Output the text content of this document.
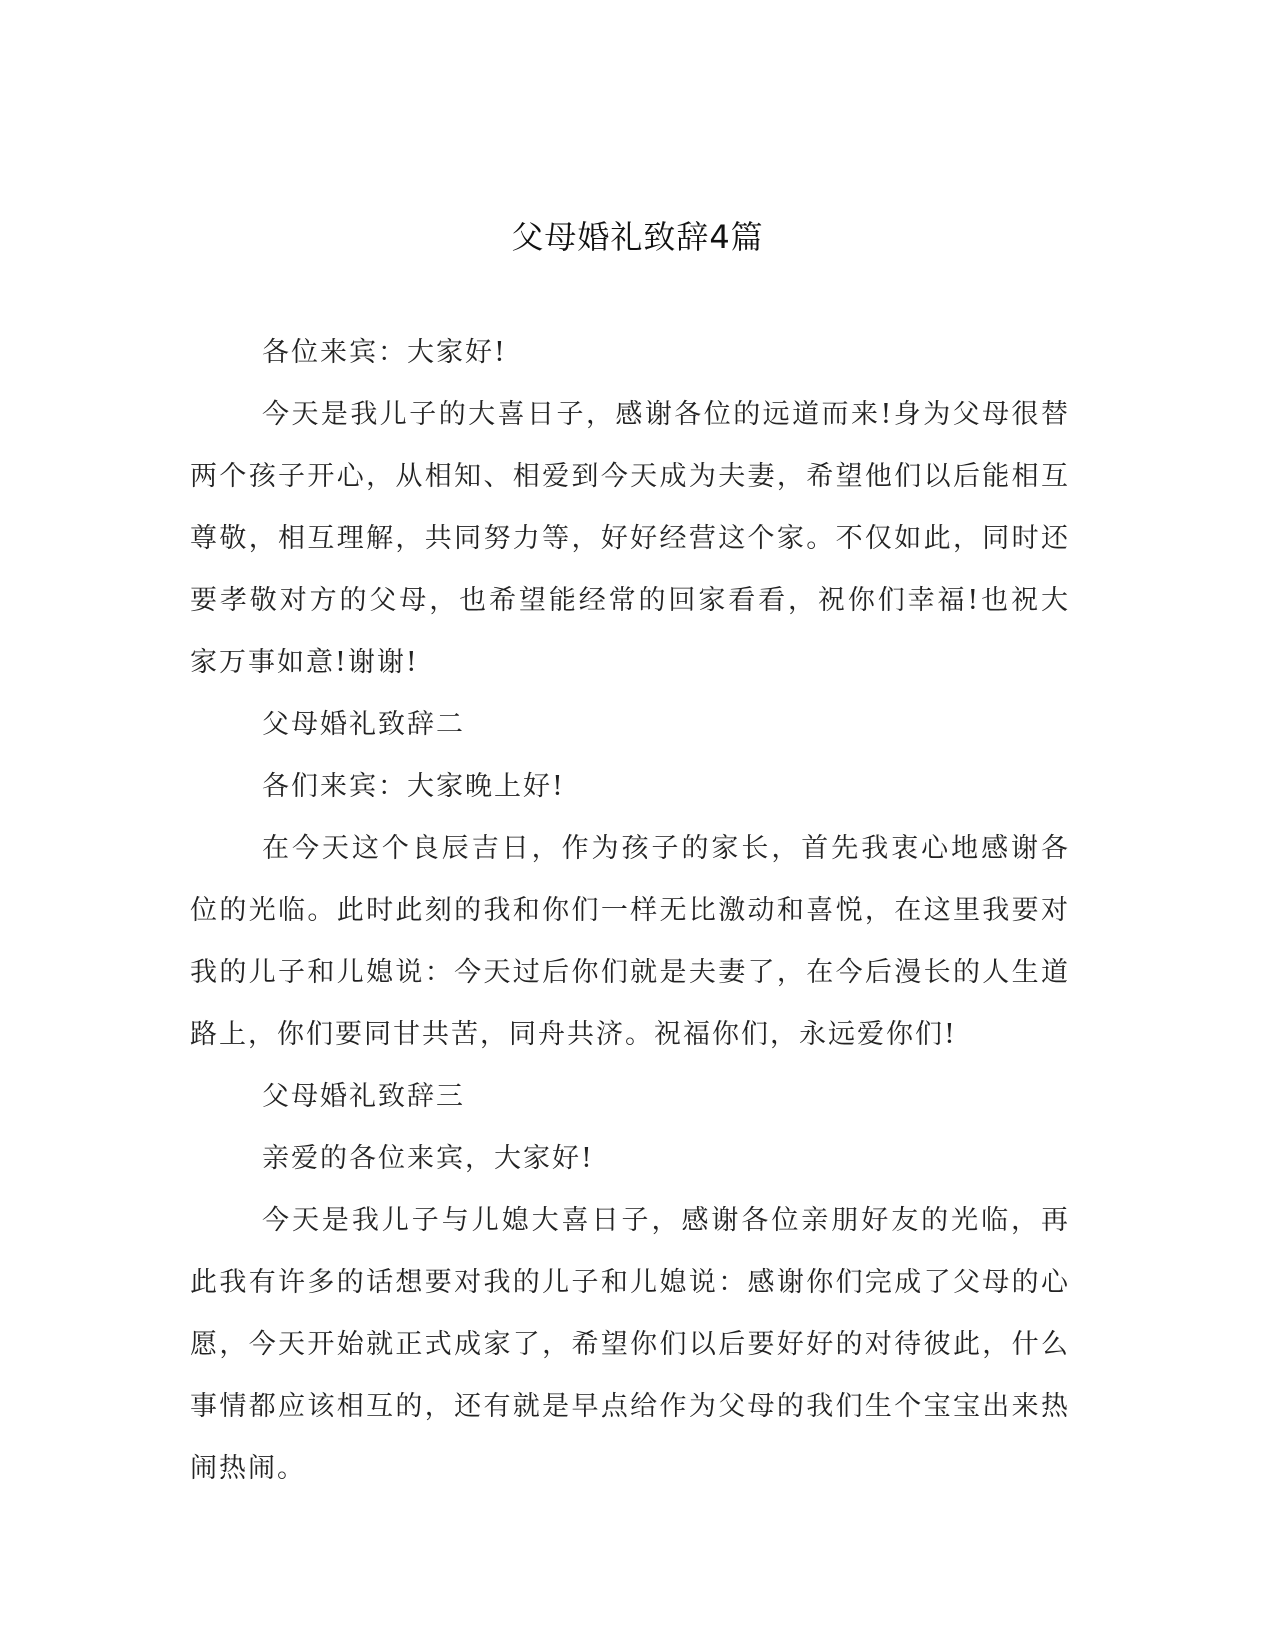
父母婚礼致辞4篇

各位来宾：大家好!

今天是我儿子的大喜日子，感谢各位的远道而来!身为父母很替两个孩子开心，从相知、相爱到今天成为夫妻，希望他们以后能相互尊敬，相互理解，共同努力等，好好经营这个家。不仅如此，同时还要孝敬对方的父母，也希望能经常的回家看看，祝你们幸福!也祝大家万事如意!谢谢!

父母婚礼致辞二

各们来宾：大家晚上好!

在今天这个良辰吉日，作为孩子的家长，首先我衷心地感谢各位的光临。此时此刻的我和你们一样无比激动和喜悦，在这里我要对我的儿子和儿媳说：今天过后你们就是夫妻了，在今后漫长的人生道路上，你们要同甘共苦，同舟共济。祝福你们，永远爱你们!

父母婚礼致辞三

亲爱的各位来宾，大家好!

今天是我儿子与儿媳大喜日子，感谢各位亲朋好友的光临，再此我有许多的话想要对我的儿子和儿媳说：感谢你们完成了父母的心愿，今天开始就正式成家了，希望你们以后要好好的对待彼此，什么事情都应该相互的，还有就是早点给作为父母的我们生个宝宝出来热闹热闹。
